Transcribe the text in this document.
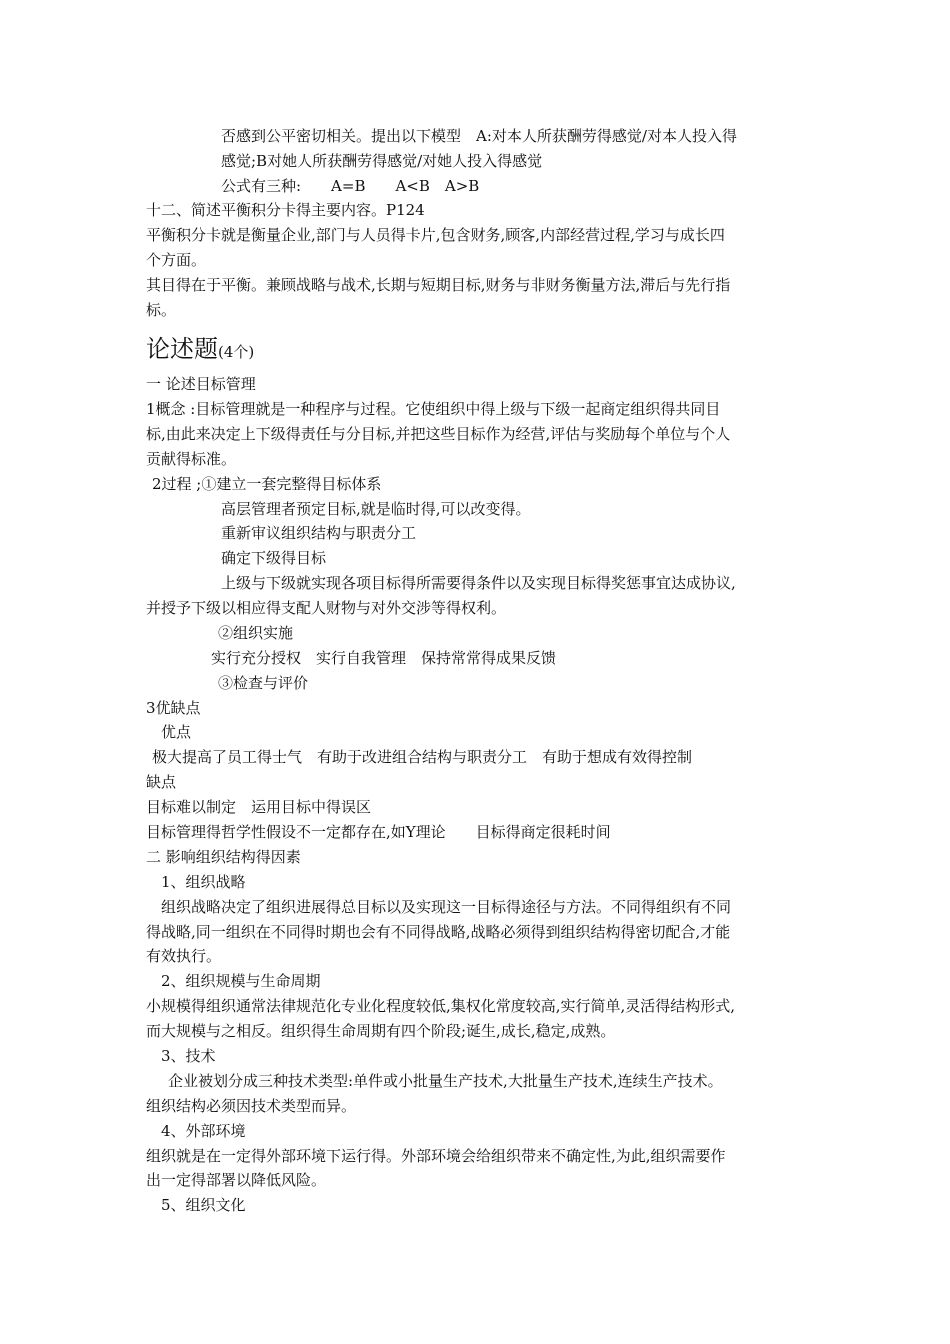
否感到公平密切相关。提出以下模型　A:对本人所获酬劳得感觉/对本人投入得
感觉;B对她人所获酬劳得感觉/对她人投入得感觉
公式有三种:　　A=B　　A<B　A>B
十二、简述平衡积分卡得主要内容。P124
平衡积分卡就是衡量企业,部门与人员得卡片,包含财务,顾客,内部经营过程,学习与成长四
个方面。
其目得在于平衡。兼顾战略与战术,长期与短期目标,财务与非财务衡量方法,滞后与先行指
标。
论述题(4个)
一 论述目标管理
1概念 :目标管理就是一种程序与过程。它使组织中得上级与下级一起商定组织得共同目
标,由此来决定上下级得责任与分目标,并把这些目标作为经营,评估与奖励每个单位与个人
贡献得标准。
2过程 ;①建立一套完整得目标体系
高层管理者预定目标,就是临时得,可以改变得。
重新审议组织结构与职责分工
确定下级得目标
上级与下级就实现各项目标得所需要得条件以及实现目标得奖惩事宜达成协议,
并授予下级以相应得支配人财物与对外交涉等得权利。
②组织实施
实行充分授权　实行自我管理　保持常常得成果反馈
③检查与评价
3优缺点
优点
极大提高了员工得士气　有助于改进组合结构与职责分工　有助于想成有效得控制
缺点
目标难以制定　运用目标中得误区
目标管理得哲学性假设不一定都存在,如Y理论　　目标得商定很耗时间
二 影响组织结构得因素
1、组织战略
组织战略决定了组织进展得总目标以及实现这一目标得途径与方法。不同得组织有不同
得战略,同一组织在不同得时期也会有不同得战略,战略必须得到组织结构得密切配合,才能
有效执行。
2、组织规模与生命周期
小规模得组织通常法律规范化专业化程度较低,集权化常度较高,实行简单,灵活得结构形式,
而大规模与之相反。组织得生命周期有四个阶段;诞生,成长,稳定,成熟。
3、技术
企业被划分成三种技术类型:单件或小批量生产技术,大批量生产技术,连续生产技术。
组织结构必须因技术类型而异。
4、外部环境
组织就是在一定得外部环境下运行得。外部环境会给组织带来不确定性,为此,组织需要作
出一定得部署以降低风险。
5、组织文化
